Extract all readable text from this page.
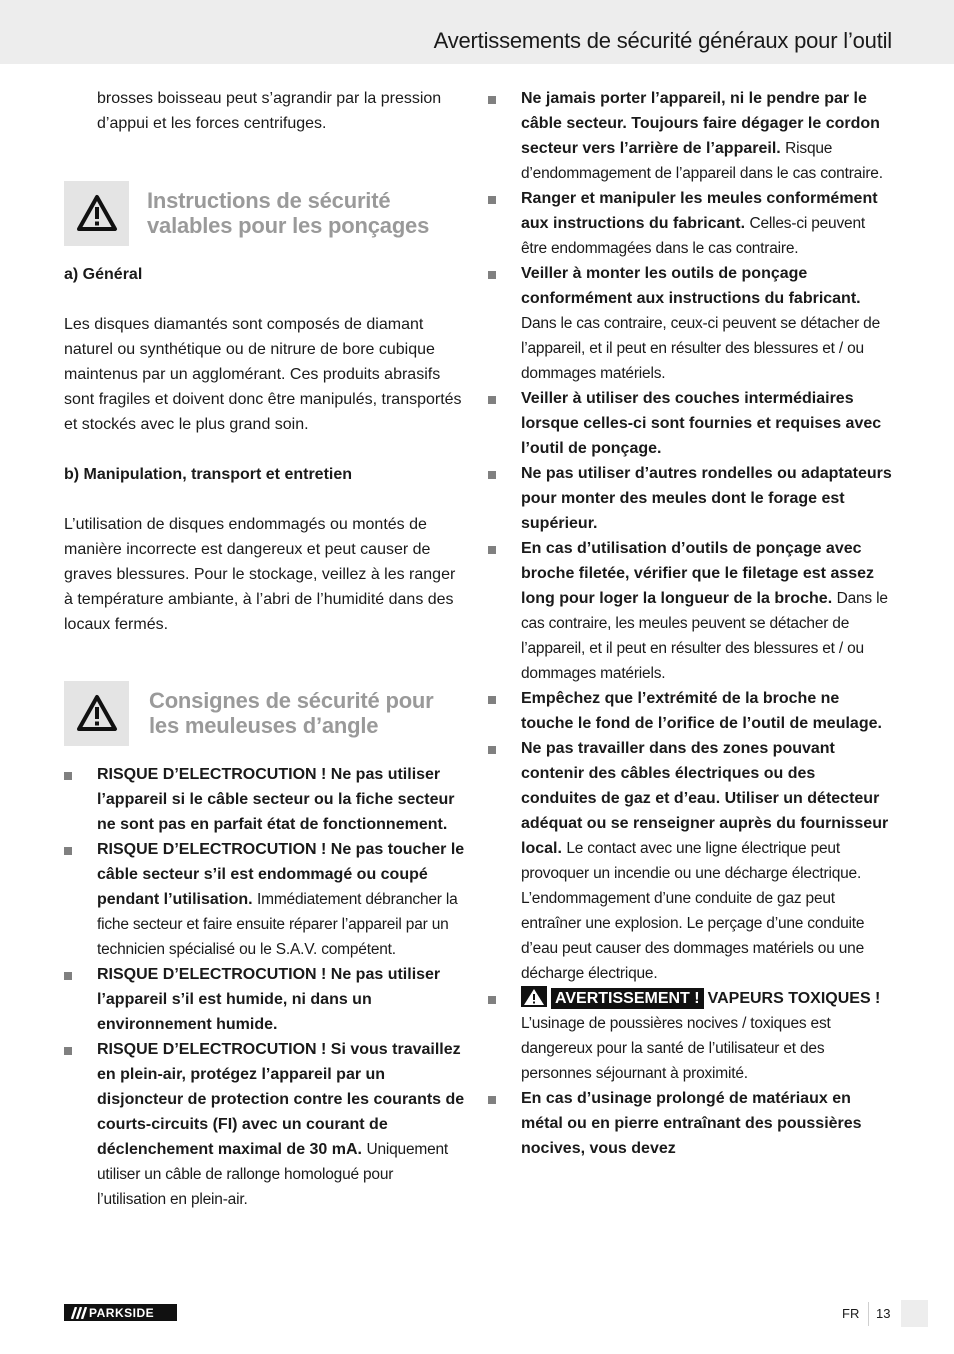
Avertissements de sécurité généraux pour l’outil

brosses boisseau peut s’agrandir par la pression d’appui et les forces centrifuges.

Instructions de sécurité
valables pour les ponçages

a) Général

Les disques diamantés sont composés de diamant naturel ou synthétique ou de nitrure de bore cubique maintenus par un agglomérant. Ces produits abrasifs sont fragiles et doivent donc être manipulés, transportés et stockés avec le plus grand soin.

b) Manipulation, transport et entretien

L’utilisation de disques endommagés ou montés de manière incorrecte est dangereux et peut causer de graves blessures. Pour le stockage, veillez à les ranger à température ambiante, à l’abri de l’humidité dans des locaux fermés.

Consignes de sécurité pour
les meuleuses d’angle
RISQUE D’ELECTROCUTION ! Ne pas utiliser l’appareil si le câble secteur ou la fiche secteur ne sont pas en parfait état de fonctionnement.
RISQUE D’ELECTROCUTION ! Ne pas toucher le câble secteur s’il est endommagé ou coupé pendant l’utilisation. Immédiatement débrancher la fiche secteur et faire ensuite réparer l’appareil par un technicien spécialisé ou le S.A.V. compétent.
RISQUE D’ELECTROCUTION ! Ne pas utiliser l’appareil s’il est humide, ni dans un environnement humide.
RISQUE D’ELECTROCUTION ! Si vous travaillez en plein-air, protégez l’appareil par un disjoncteur de protection contre les courants de courts-circuits (FI) avec un courant de déclenchement maximal de 30 mA. Uniquement utiliser un câble de rallonge homologué pour l’utilisation en plein-air.
Ne jamais porter l’appareil, ni le pendre par le câble secteur. Toujours faire dégager le cordon secteur vers l’arrière de l’appareil. Risque d’endommagement de l’appareil dans le cas contraire.
Ranger et manipuler les meules conformément aux instructions du fabricant. Celles-ci peuvent être endommagées dans le cas contraire.
Veiller à monter les outils de ponçage conformément aux instructions du fabricant. Dans le cas contraire, ceux-ci peuvent se détacher de l’appareil, et il peut en résulter des blessures et / ou dommages matériels.
Veiller à utiliser des couches intermédiaires lorsque celles-ci sont fournies et requises avec l’outil de ponçage.
Ne pas utiliser d’autres rondelles ou adaptateurs pour monter des meules dont le forage est supérieur.
En cas d’utilisation d’outils de ponçage avec broche filetée, vérifier que le filetage est assez long pour loger la longueur de la broche. Dans le cas contraire, les meules peuvent se détacher de l’appareil, et il peut en résulter des blessures et / ou dommages matériels.
Empêchez que l’extrémité de la broche ne touche le fond de l’orifice de l’outil de meulage.
Ne pas travailler dans des zones pouvant contenir des câbles électriques ou des conduites de gaz et d’eau. Utiliser un détecteur adéquat ou se renseigner auprès du fournisseur local. Le contact avec une ligne électrique peut provoquer un incendie ou une décharge électrique. L’endommagement d’une conduite de gaz peut entraîner une explosion. Le perçage d’une conduite d’eau peut causer des dommages matériels ou une décharge électrique.
AVERTISSEMENT ! VAPEURS TOXIQUES ! L’usinage de poussières nocives / toxiques est dangereux pour la santé de l’utilisateur et des personnes séjournant à proximité.
En cas d’usinage prolongé de matériaux en métal ou en pierre entraînant des poussières nocives, vous devez
PARKSIDE	FR 13
